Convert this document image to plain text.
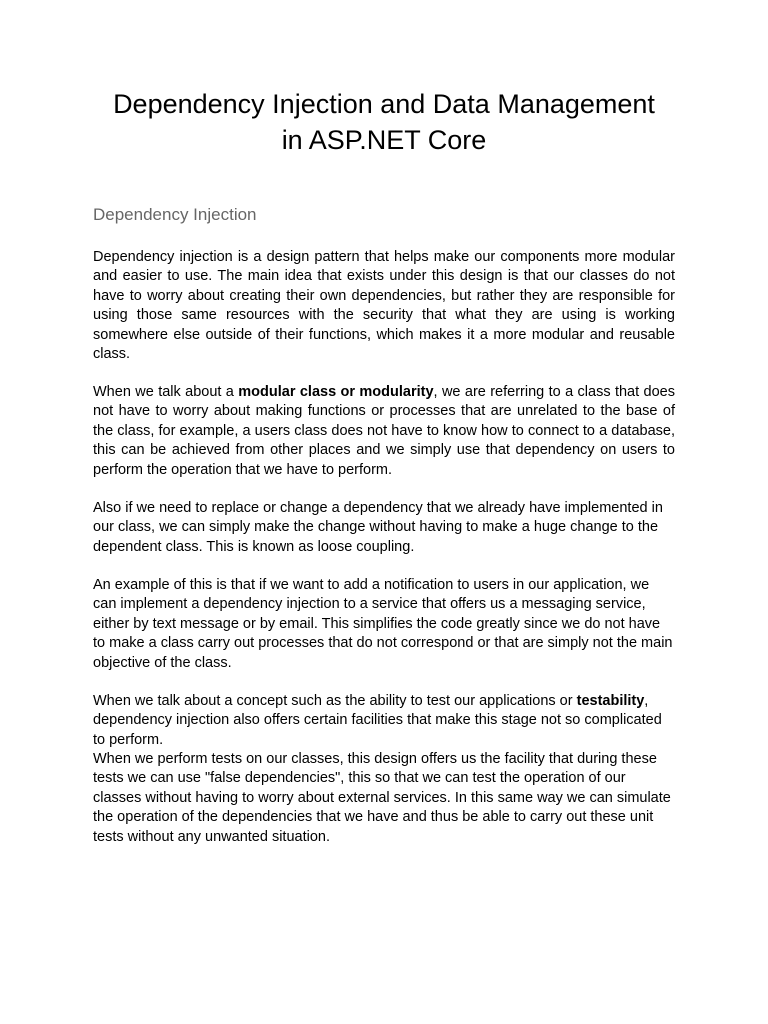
Dependency Injection and Data Management
in ASP.NET Core
Dependency Injection

Dependency injection is a design pattern that helps make our components more modular and easier to use. The main idea that exists under this design is that our classes do not have to worry about creating their own dependencies, but rather they are responsible for using those same resources with the security that what they are using is working somewhere else outside of their functions, which makes it a more modular and reusable class.

When we talk about a modular class or modularity, we are referring to a class that does not have to worry about making functions or processes that are unrelated to the base of the class, for example, a users class does not have to know how to connect to a database, this can be achieved from other places and we simply use that dependency on users to perform the operation that we have to perform.

Also if we need to replace or change a dependency that we already have implemented in our class, we can simply make the change without having to make a huge change to the dependent class. This is known as loose coupling.

An example of this is that if we want to add a notification to users in our application, we can implement a dependency injection to a service that offers us a messaging service, either by text message or by email. This simplifies the code greatly since we do not have to make a class carry out processes that do not correspond or that are simply not the main objective of the class.

When we talk about a concept such as the ability to test our applications or testability, dependency injection also offers certain facilities that make this stage not so complicated to perform.

When we perform tests on our classes, this design offers us the facility that during these tests we can use "false dependencies", this so that we can test the operation of our classes without having to worry about external services. In this same way we can simulate the operation of the dependencies that we have and thus be able to carry out these unit tests without any unwanted situation.
